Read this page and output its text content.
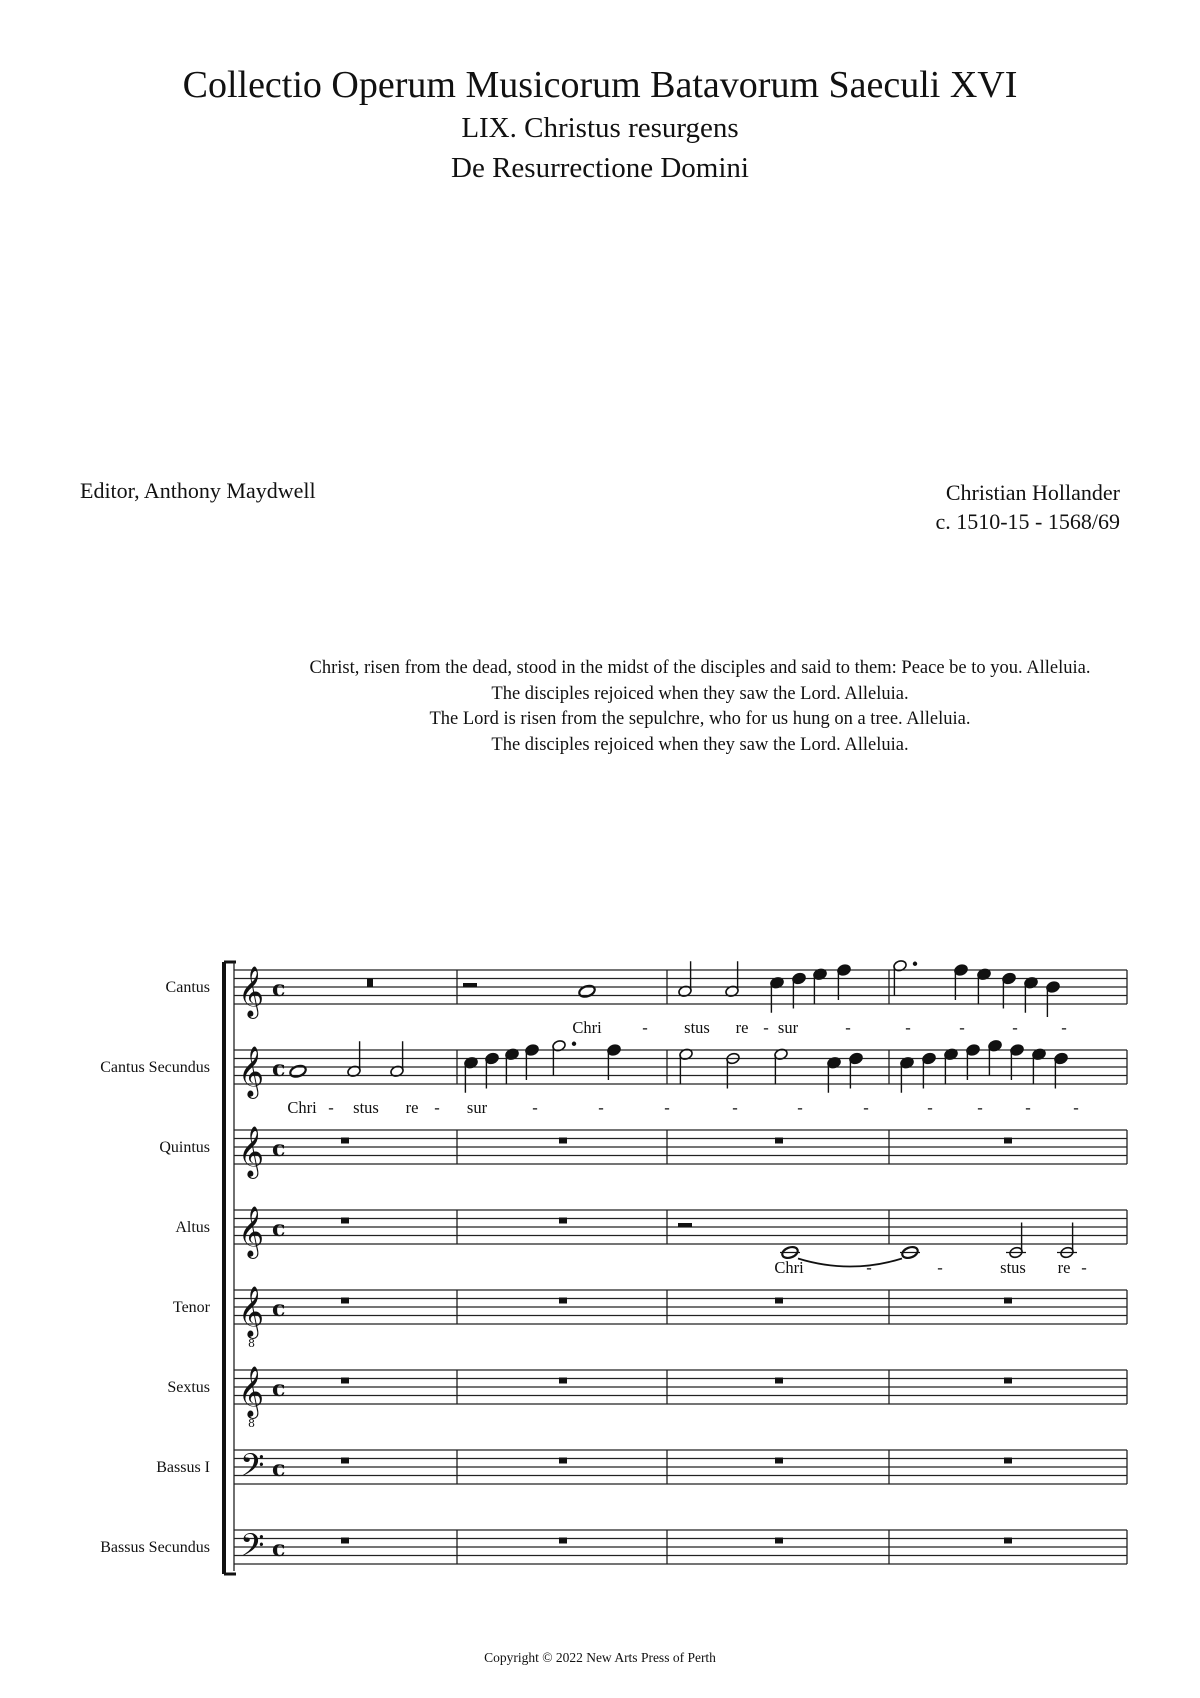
Collectio Operum Musicorum Batavorum Saeculi XVI
LIX. Christus resurgens
De Resurrectione Domini
Editor, Anthony Maydwell	Christian Hollander
c. 1510-15 - 1568/69
Christ, risen from the dead, stood in the midst of the disciples and said to them: Peace be to you. Alleluia.
The disciples rejoiced when they saw the Lord. Alleluia.
The Lord is risen from the sepulchre, who for us hung on a tree. Alleluia.
The disciples rejoiced when they saw the Lord. Alleluia.
𝄞 c
𝄞 c
𝄞 c
𝄞 c
𝄞
8
c
𝄞
8
c
𝄢 c
𝄢 c
Cantus
Cantus Secundus
Quintus
Altus
Tenor
Sextus
Bassus I
Bassus Secundus
Chri - stus re - sur	-	-	-	-	-
Chri - stus re - sur	-	-	-	-	-	-	-	-	-	-
Chri	-	-	stus re -
Copyright © 2022 New Arts Press of Perth
